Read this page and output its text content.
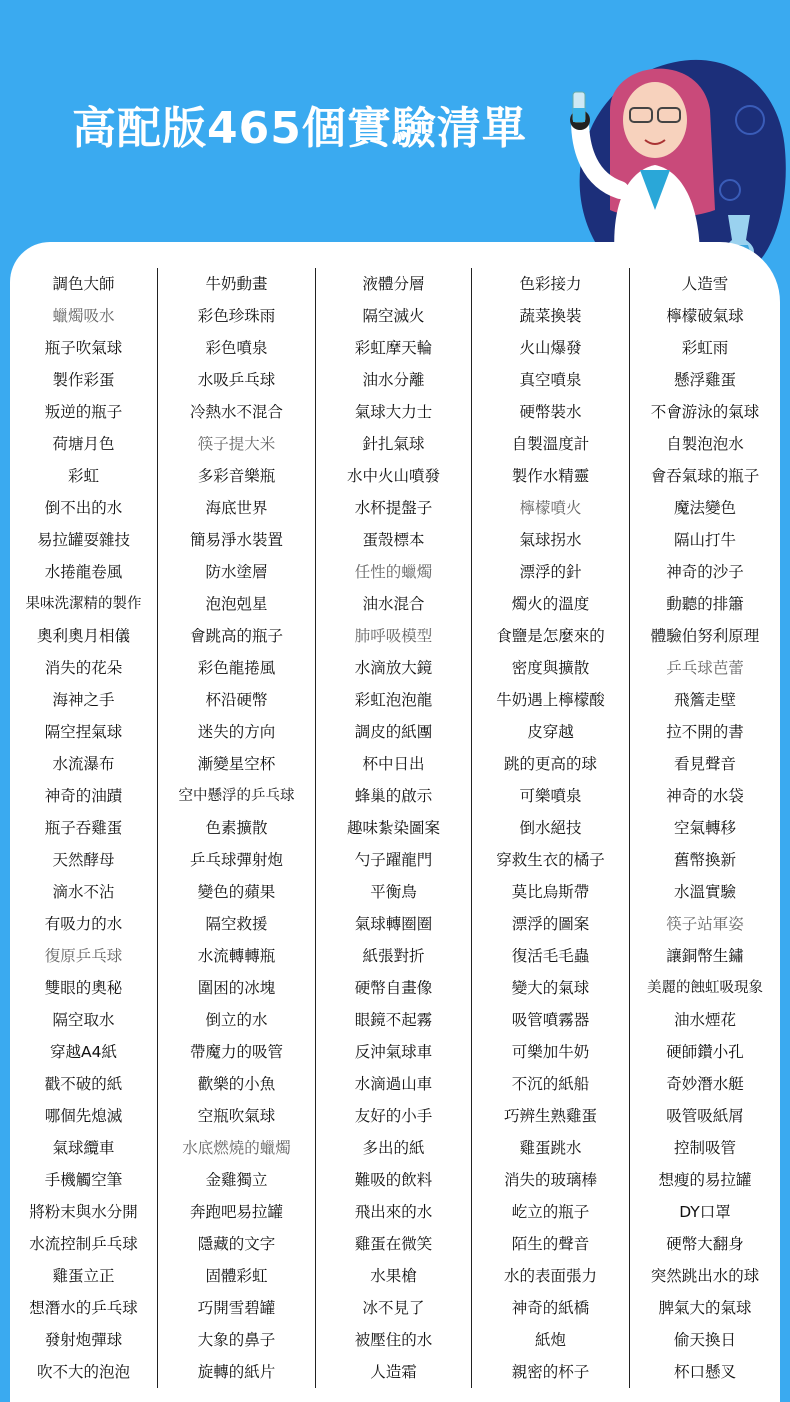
高配版465個實驗清單
調色大師
蠟燭吸水
瓶子吹氣球
製作彩蛋
叛逆的瓶子
荷塘月色
彩虹
倒不出的水
易拉罐耍雜技
水捲龍卷風
果味洗潔精的製作
奧利奧月相儀
消失的花朵
海神之手
隔空捏氣球
水流瀑布
神奇的油蹟
瓶子吞雞蛋
天然酵母
滴水不沾
有吸力的水
復原乒乓球
雙眼的奧秘
隔空取水
穿越A4紙
戳不破的紙
哪個先熄滅
氣球纜車
手機觸空筆
將粉末與水分開
水流控制乒乓球
雞蛋立正
想潛水的乒乓球
發射炮彈球
吹不大的泡泡
牛奶動畫
彩色珍珠雨
彩色噴泉
水吸乒乓球
冷熱水不混合
筷子提大米
多彩音樂瓶
海底世界
簡易淨水裝置
防水塗層
泡泡剋星
會跳高的瓶子
彩色龍捲風
杯沿硬幣
迷失的方向
漸變星空杯
空中懸浮的乒乓球
色素擴散
乒乓球彈射炮
變色的蘋果
隔空救援
水流轉轉瓶
圍困的冰塊
倒立的水
帶魔力的吸管
歡樂的小魚
空瓶吹氣球
水底燃燒的蠟燭
金雞獨立
奔跑吧易拉罐
隱藏的文字
固體彩虹
巧開雪碧罐
大象的鼻子
旋轉的紙片
液體分層
隔空滅火
彩虹摩天輪
油水分離
氣球大力士
針扎氣球
水中火山噴發
水杯提盤子
蛋殼標本
任性的蠟燭
油水混合
肺呼吸模型
水滴放大鏡
彩虹泡泡龍
調皮的紙團
杯中日出
蜂巢的啟示
趣味紮染圖案
勺子躍龍門
平衡鳥
氣球轉圈圈
紙張對折
硬幣自畫像
眼鏡不起霧
反沖氣球車
水滴過山車
友好的小手
多出的紙
難吸的飲料
飛出來的水
雞蛋在微笑
水果槍
冰不見了
被壓住的水
人造霜
色彩接力
蔬菜換裝
火山爆發
真空噴泉
硬幣裝水
自製溫度計
製作水精靈
檸檬噴火
氣球拐水
漂浮的針
燭火的溫度
食鹽是怎麼來的
密度與擴散
牛奶遇上檸檬酸
皮穿越
跳的更高的球
可樂噴泉
倒水絕技
穿救生衣的橘子
莫比烏斯帶
漂浮的圖案
復活毛毛蟲
變大的氣球
吸管噴霧器
可樂加牛奶
不沉的紙船
巧辨生熟雞蛋
雞蛋跳水
消失的玻璃棒
屹立的瓶子
陌生的聲音
水的表面張力
神奇的紙橋
紙炮
親密的杯子
人造雪
檸檬破氣球
彩虹雨
懸浮雞蛋
不會游泳的氣球
自製泡泡水
會吞氣球的瓶子
魔法變色
隔山打牛
神奇的沙子
動聽的排簫
體驗伯努利原理
乒乓球芭蕾
飛簷走壁
拉不開的書
看見聲音
神奇的水袋
空氣轉移
舊幣換新
水溫實驗
筷子站軍姿
讓銅幣生鏽
美麗的蝕虹吸現象
油水煙花
硬師鑽小孔
奇妙潛水艇
吸管吸紙屑
控制吸管
想瘦的易拉罐
DY口罩
硬幣大翻身
突然跳出水的球
脾氣大的氣球
偷天換日
杯口懸叉
